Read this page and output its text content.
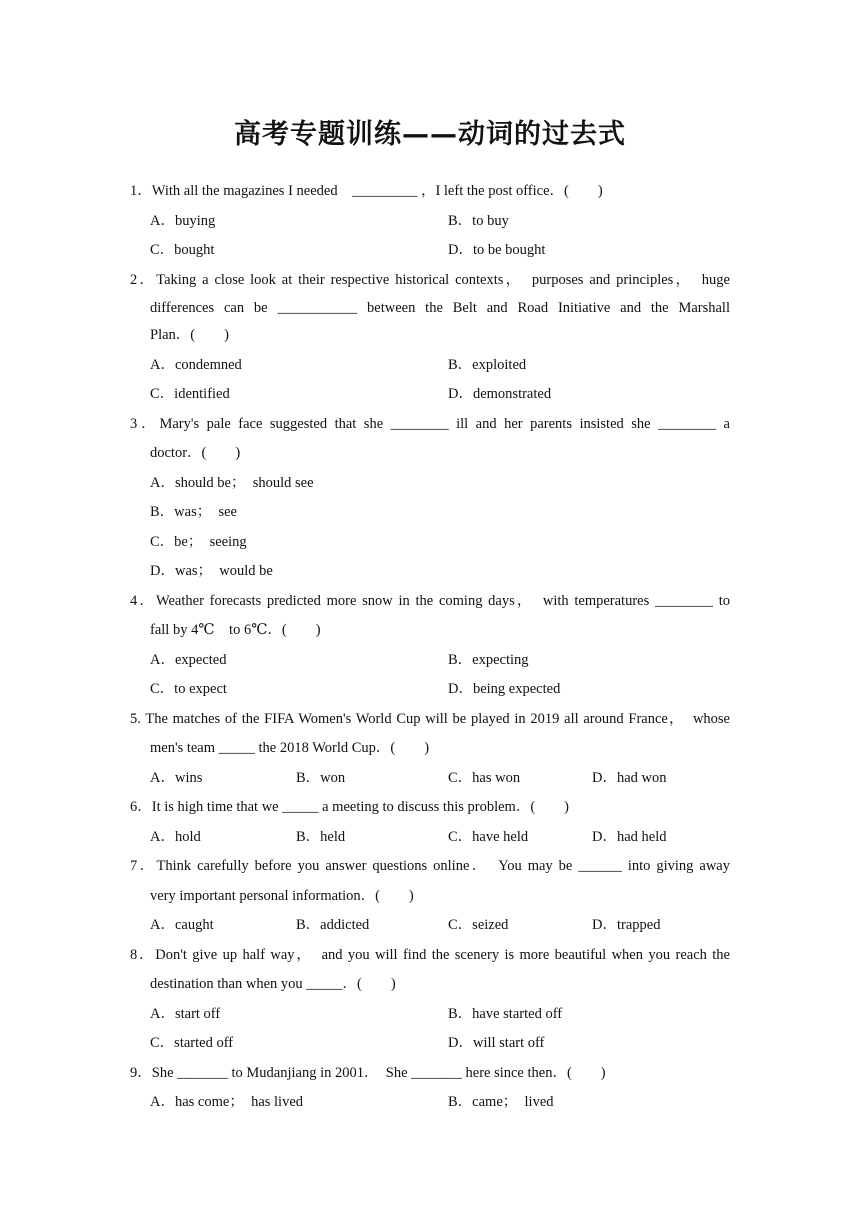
高考专题训练——动词的过去式
1．With all the magazines I needed　_________ ，I left the post office．(　　)
A．buying	B．to buy
C．bought	D．to be bought
2．Taking a close look at their respective historical contexts，　purposes and principles，　huge
differences can be ___________ between the Belt and Road Initiative and the Marshall
Plan．(　　)
A．condemned	B．exploited
C．identified	D．demonstrated
3．Mary's pale face suggested that she ________ ill and her parents insisted she ________ a
doctor．(　　)
A．should be；　should see
B．was；　see
C．be；　seeing
D．was；　would be
4．Weather forecasts predicted more snow in the coming days，　with temperatures ________ to
fall by 4℃　to 6℃．(　　)
A．expected	B．expecting
C．to expect	D．being expected
5. The matches of the FIFA Women's World Cup will be played in 2019 all around France，　whose
men's team _____ the 2018 World Cup．(　　)
A．wins	B．won	C．has won	D．had won
6．It is high time that we _____ a meeting to discuss this problem．(　　)
A．hold	B．held	C．have held	D．had held
7．Think carefully before you answer questions online．　You may be ______ into giving away
very important personal information．(　　)
A．caught	B．addicted	C．seized	D．trapped
8．Don't give up half way，　and you will find the scenery is more beautiful when you reach the
destination than when you _____．(　　)
A．start off	B．have started off
C．started off	D．will start off
9．She _______ to Mudanjiang in 2001．　She _______ here since then．(　　)
A．has come；　has lived	B．came；　lived
